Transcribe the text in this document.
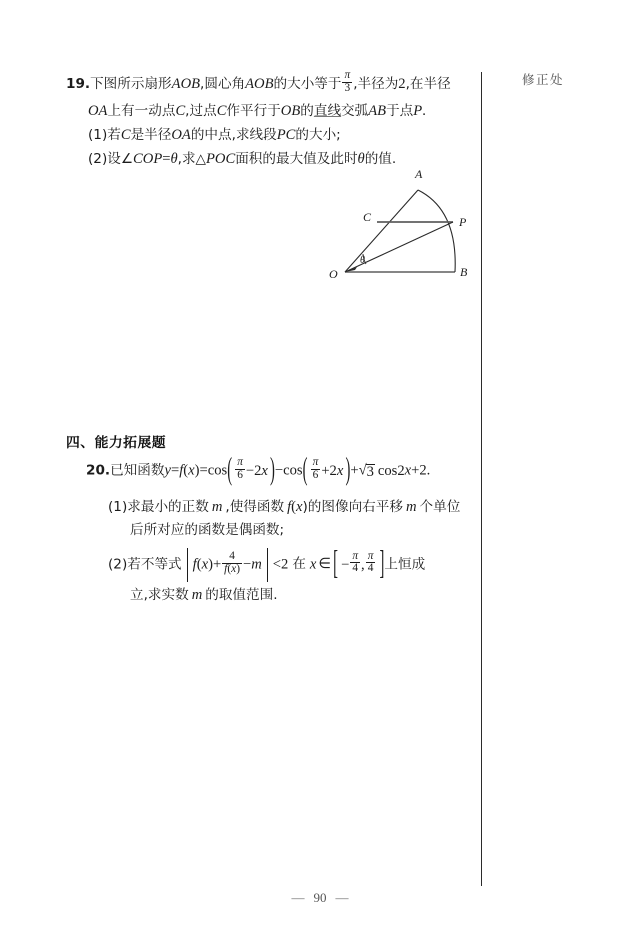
修正处
19.下图所示扇形AOB,圆心角AOB的大小等于 $\frac{\pi}{3}$ ,半径为2,在半径
OA上有一动点C,过点C作平行于OB的直线交弧AB于点P.
(1)若C是半径OA的中点,求线段PC的大小;
(2)设∠COP=θ,求△POC面积的最大值及此时θ的值.
A
B
C
O
P
θ
四、能力拓展题
20.已知函数y=f(x)=cos ( $\frac{\pi}{6} -2x$ ) −cos ( $\frac{\pi}{6} +2x$ ) +√3 cos2x+2.
(1)求最小的正数 m ,使得函数 f(x)的图像向右平移 m 个单位
后所对应的函数是偶函数;
(2)若不等式 $f(x)+ \frac{4}{f(x)} -m <2$ 在 x ∈ [ − $\frac{\pi}{4}$ , $\frac{\pi}{4}$
] 上恒成
立,求实数 m 的取值范围.
— 90 —
